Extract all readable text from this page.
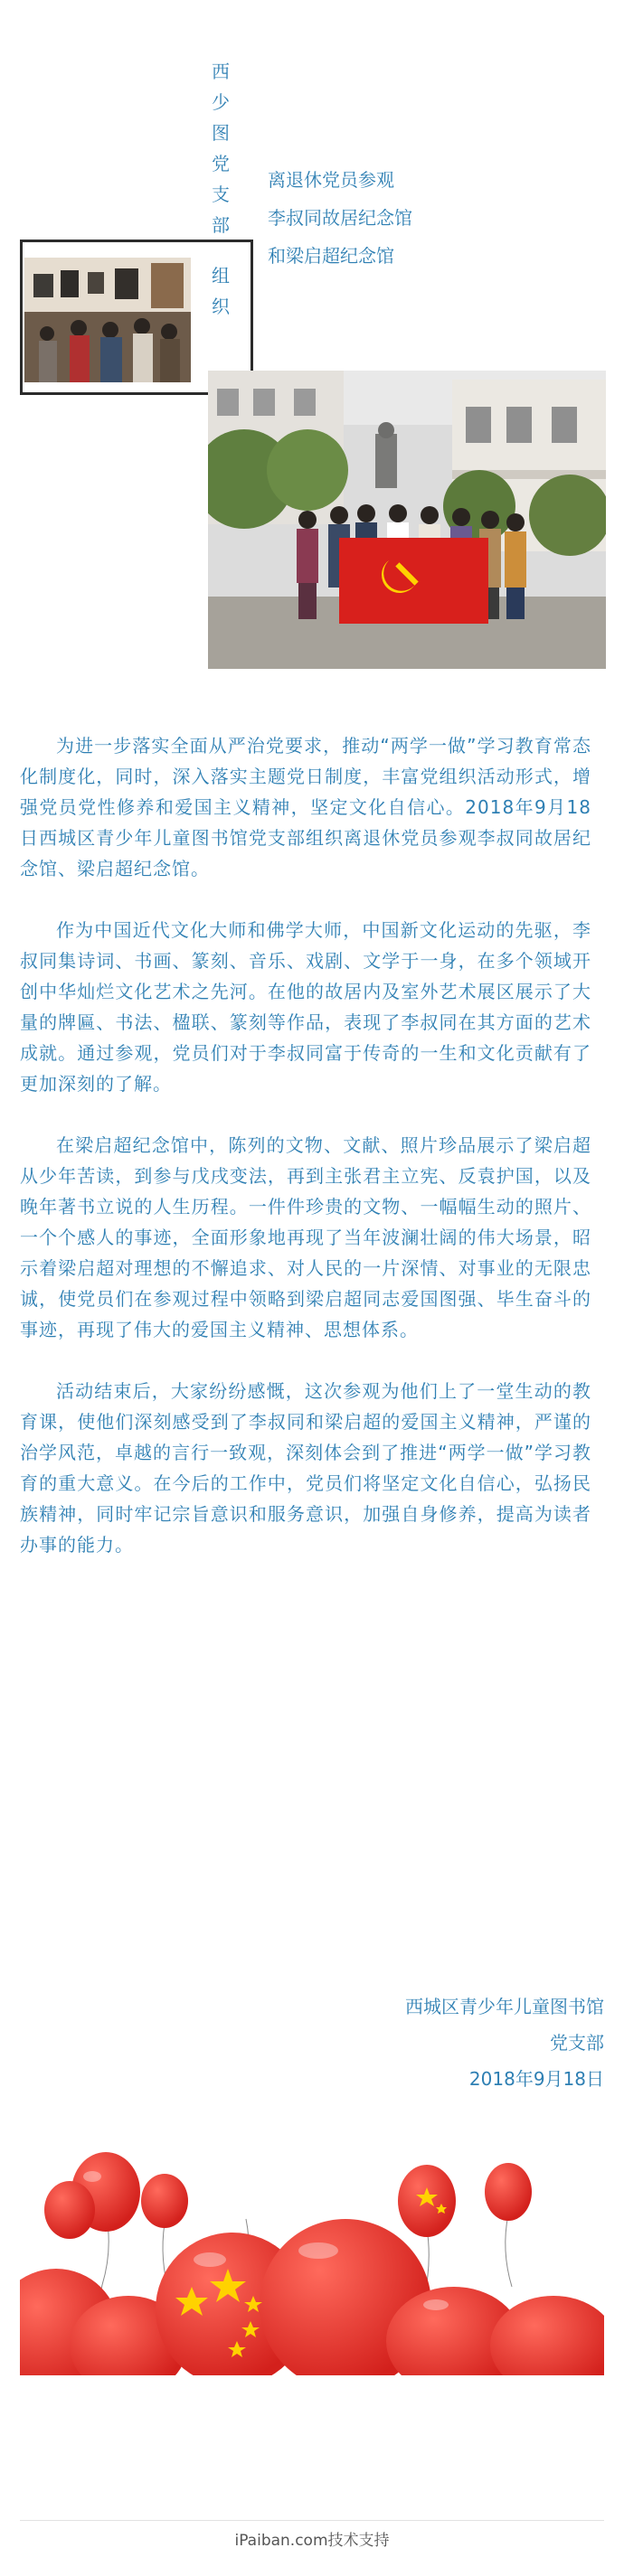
西
少
图
党
支
部
组
织
离退休党员参观
李叔同故居纪念馆
和梁启超纪念馆

为进一步落实全面从严治党要求，推动“两学一做”学习教育常态化制度化，同时，深入落实主题党日制度，丰富党组织活动形式，增强党员党性修养和爱国主义精神，坚定文化自信心。2018年9月18日西城区青少年儿童图书馆党支部组织离退休党员参观李叔同故居纪念馆、梁启超纪念馆。

作为中国近代文化大师和佛学大师，中国新文化运动的先驱，李叔同集诗词、书画、篆刻、音乐、戏剧、文学于一身，在多个领域开创中华灿烂文化艺术之先河。在他的故居内及室外艺术展区展示了大量的牌匾、书法、楹联、篆刻等作品，表现了李叔同在其方面的艺术成就。通过参观，党员们对于李叔同富于传奇的一生和文化贡献有了更加深刻的了解。

在梁启超纪念馆中，陈列的文物、文献、照片珍品展示了梁启超从少年苦读，到参与戊戌变法，再到主张君主立宪、反袁护国，以及晚年著书立说的人生历程。一件件珍贵的文物、一幅幅生动的照片、一个个感人的事迹，全面形象地再现了当年波澜壮阔的伟大场景，昭示着梁启超对理想的不懈追求、对人民的一片深情、对事业的无限忠诚，使党员们在参观过程中领略到梁启超同志爱国图强、毕生奋斗的事迹，再现了伟大的爱国主义精神、思想体系。

活动结束后，大家纷纷感慨，这次参观为他们上了一堂生动的教育课，使他们深刻感受到了李叔同和梁启超的爱国主义精神，严谨的治学风范，卓越的言行一致观，深刻体会到了推进“两学一做”学习教育的重大意义。在今后的工作中，党员们将坚定文化自信心，弘扬民族精神，同时牢记宗旨意识和服务意识，加强自身修养，提高为读者办事的能力。

西城区青少年儿童图书馆
党支部
2018年9月18日
iPaiban.com技术支持
